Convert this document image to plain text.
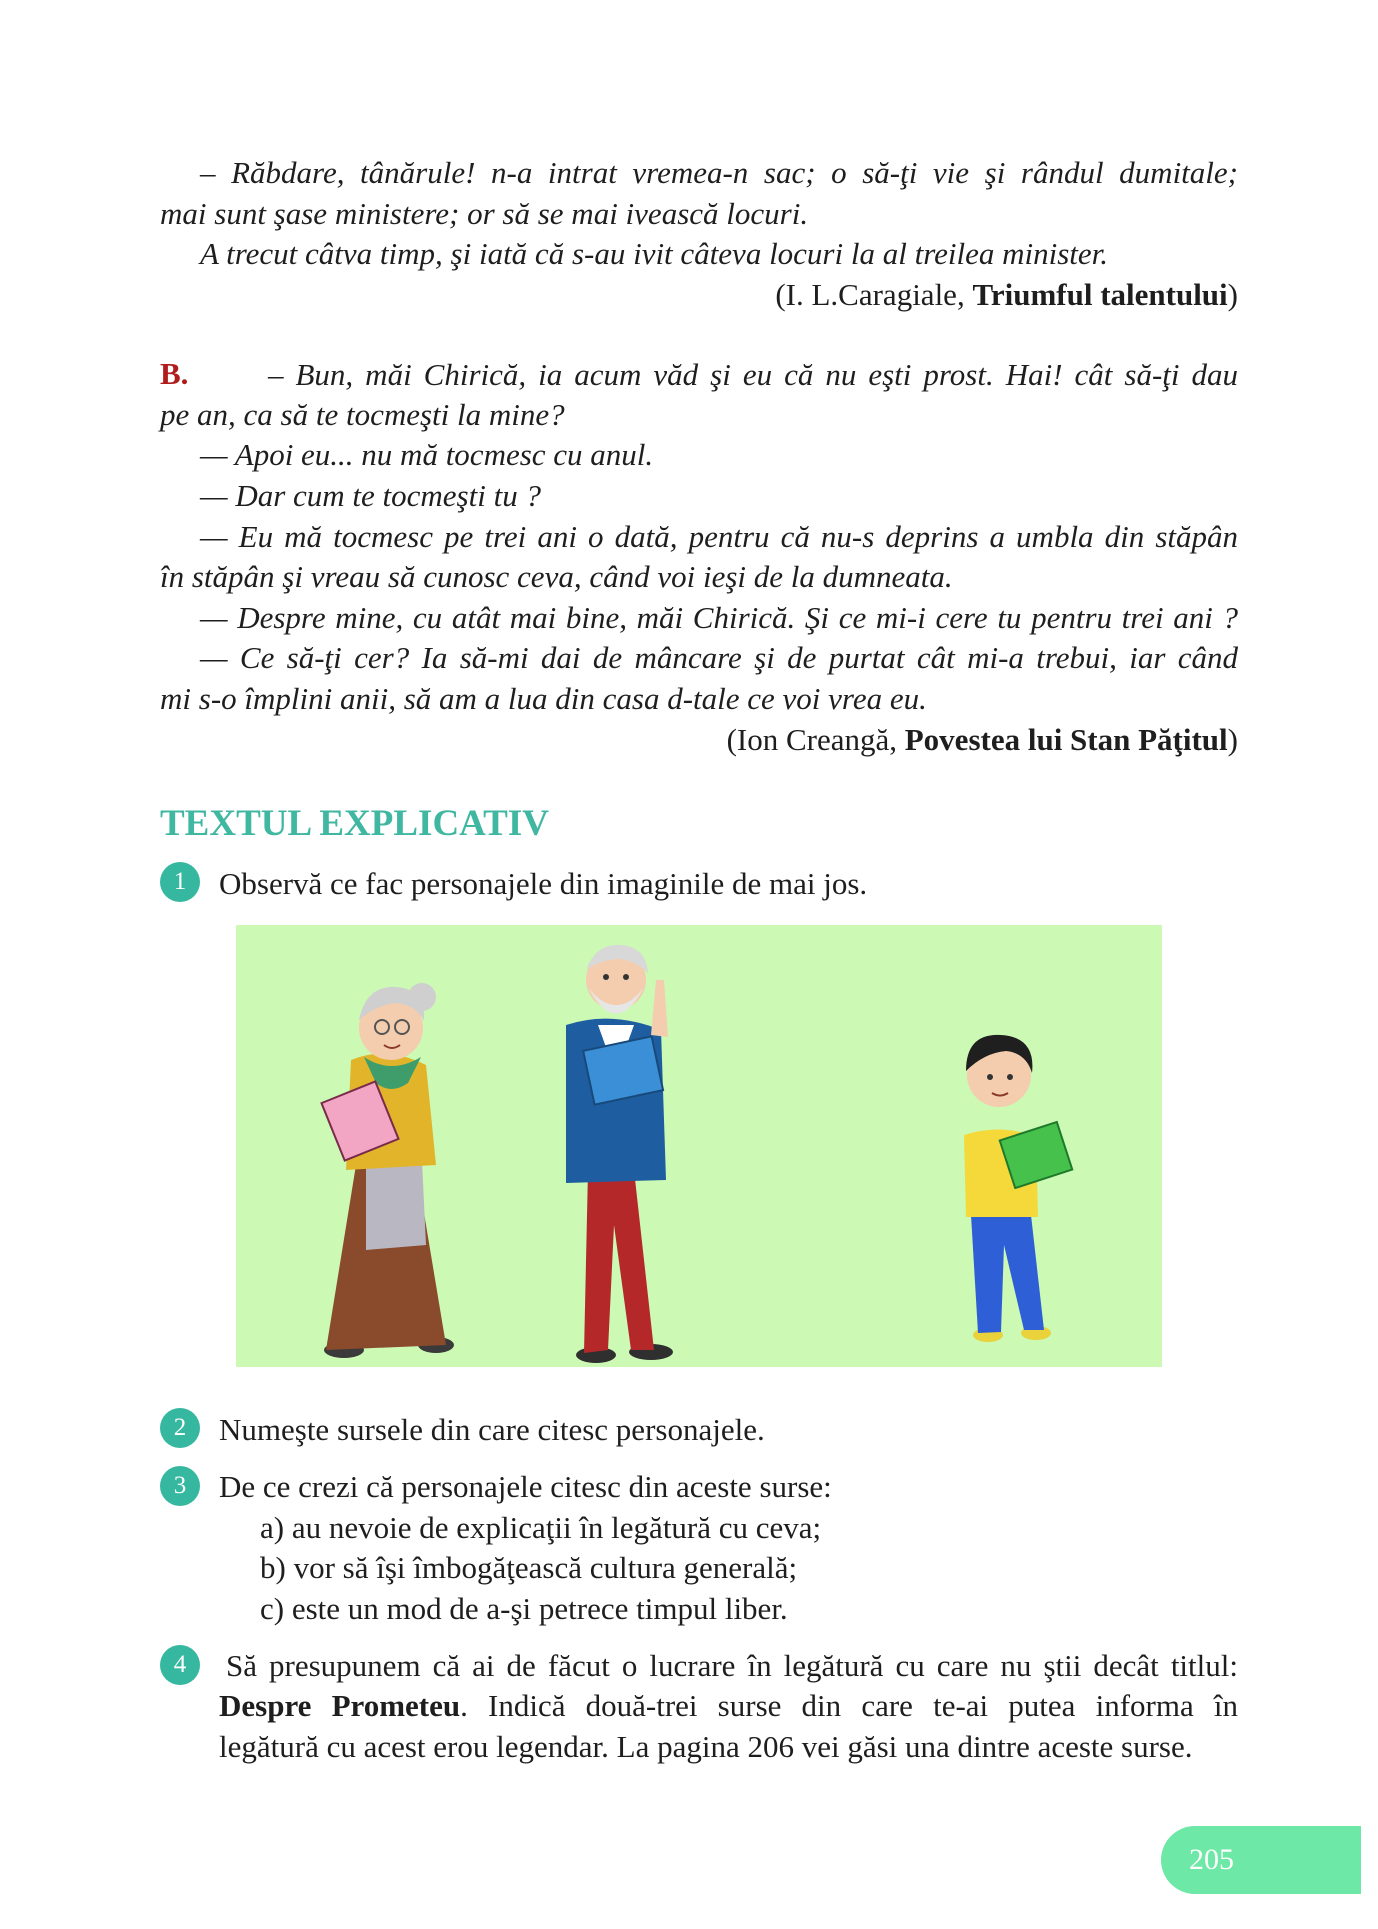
– Răbdare, tânărule! n-a intrat vremea-n sac; o să-ţi vie şi rândul dumitale;
mai sunt şase ministere; or să se mai ivească locuri.
A trecut câtva timp, şi iată că s-au ivit câteva locuri la al treilea minister.
(I. L.Caragiale, Triumful talentului)
B.	– Bun, măi Chirică, ia acum văd şi eu că nu eşti prost. Hai! cât să-ţi dau
pe an, ca să te tocmeşti la mine?
— Apoi eu... nu mă tocmesc cu anul.
— Dar cum te tocmeşti tu ?
— Eu mă tocmesc pe trei ani o dată, pentru că nu-s deprins a umbla din stăpân
în stăpân şi vreau să cunosc ceva, când voi ieşi de la dumneata.
— Despre mine, cu atât mai bine, măi Chirică. Şi ce mi-i cere tu pentru trei ani ?
— Ce să-ţi cer? Ia să-mi dai de mâncare şi de purtat cât mi-a trebui, iar când
mi s-o împlini anii, să am a lua din casa d-tale ce voi vrea eu.
(Ion Creangă, Povestea lui Stan Păţitul)
TEXTUL EXPLICATIV
1	Observă ce fac personajele din imaginile de mai jos.
2	Numeşte sursele din care citesc personajele.
3	De ce crezi că personajele citesc din aceste surse:
a) au nevoie de explicaţii în legătură cu ceva;
b) vor să îşi îmbogăţească cultura generală;
c) este un mod de a-şi petrece timpul liber.
4	Să presupunem că ai de făcut o lucrare în legătură cu care nu ştii decât titlul:
Despre Prometeu. Indică două-trei surse din care te-ai putea informa în
legătură cu acest erou legendar. La pagina 206 vei găsi una dintre aceste surse.
205
